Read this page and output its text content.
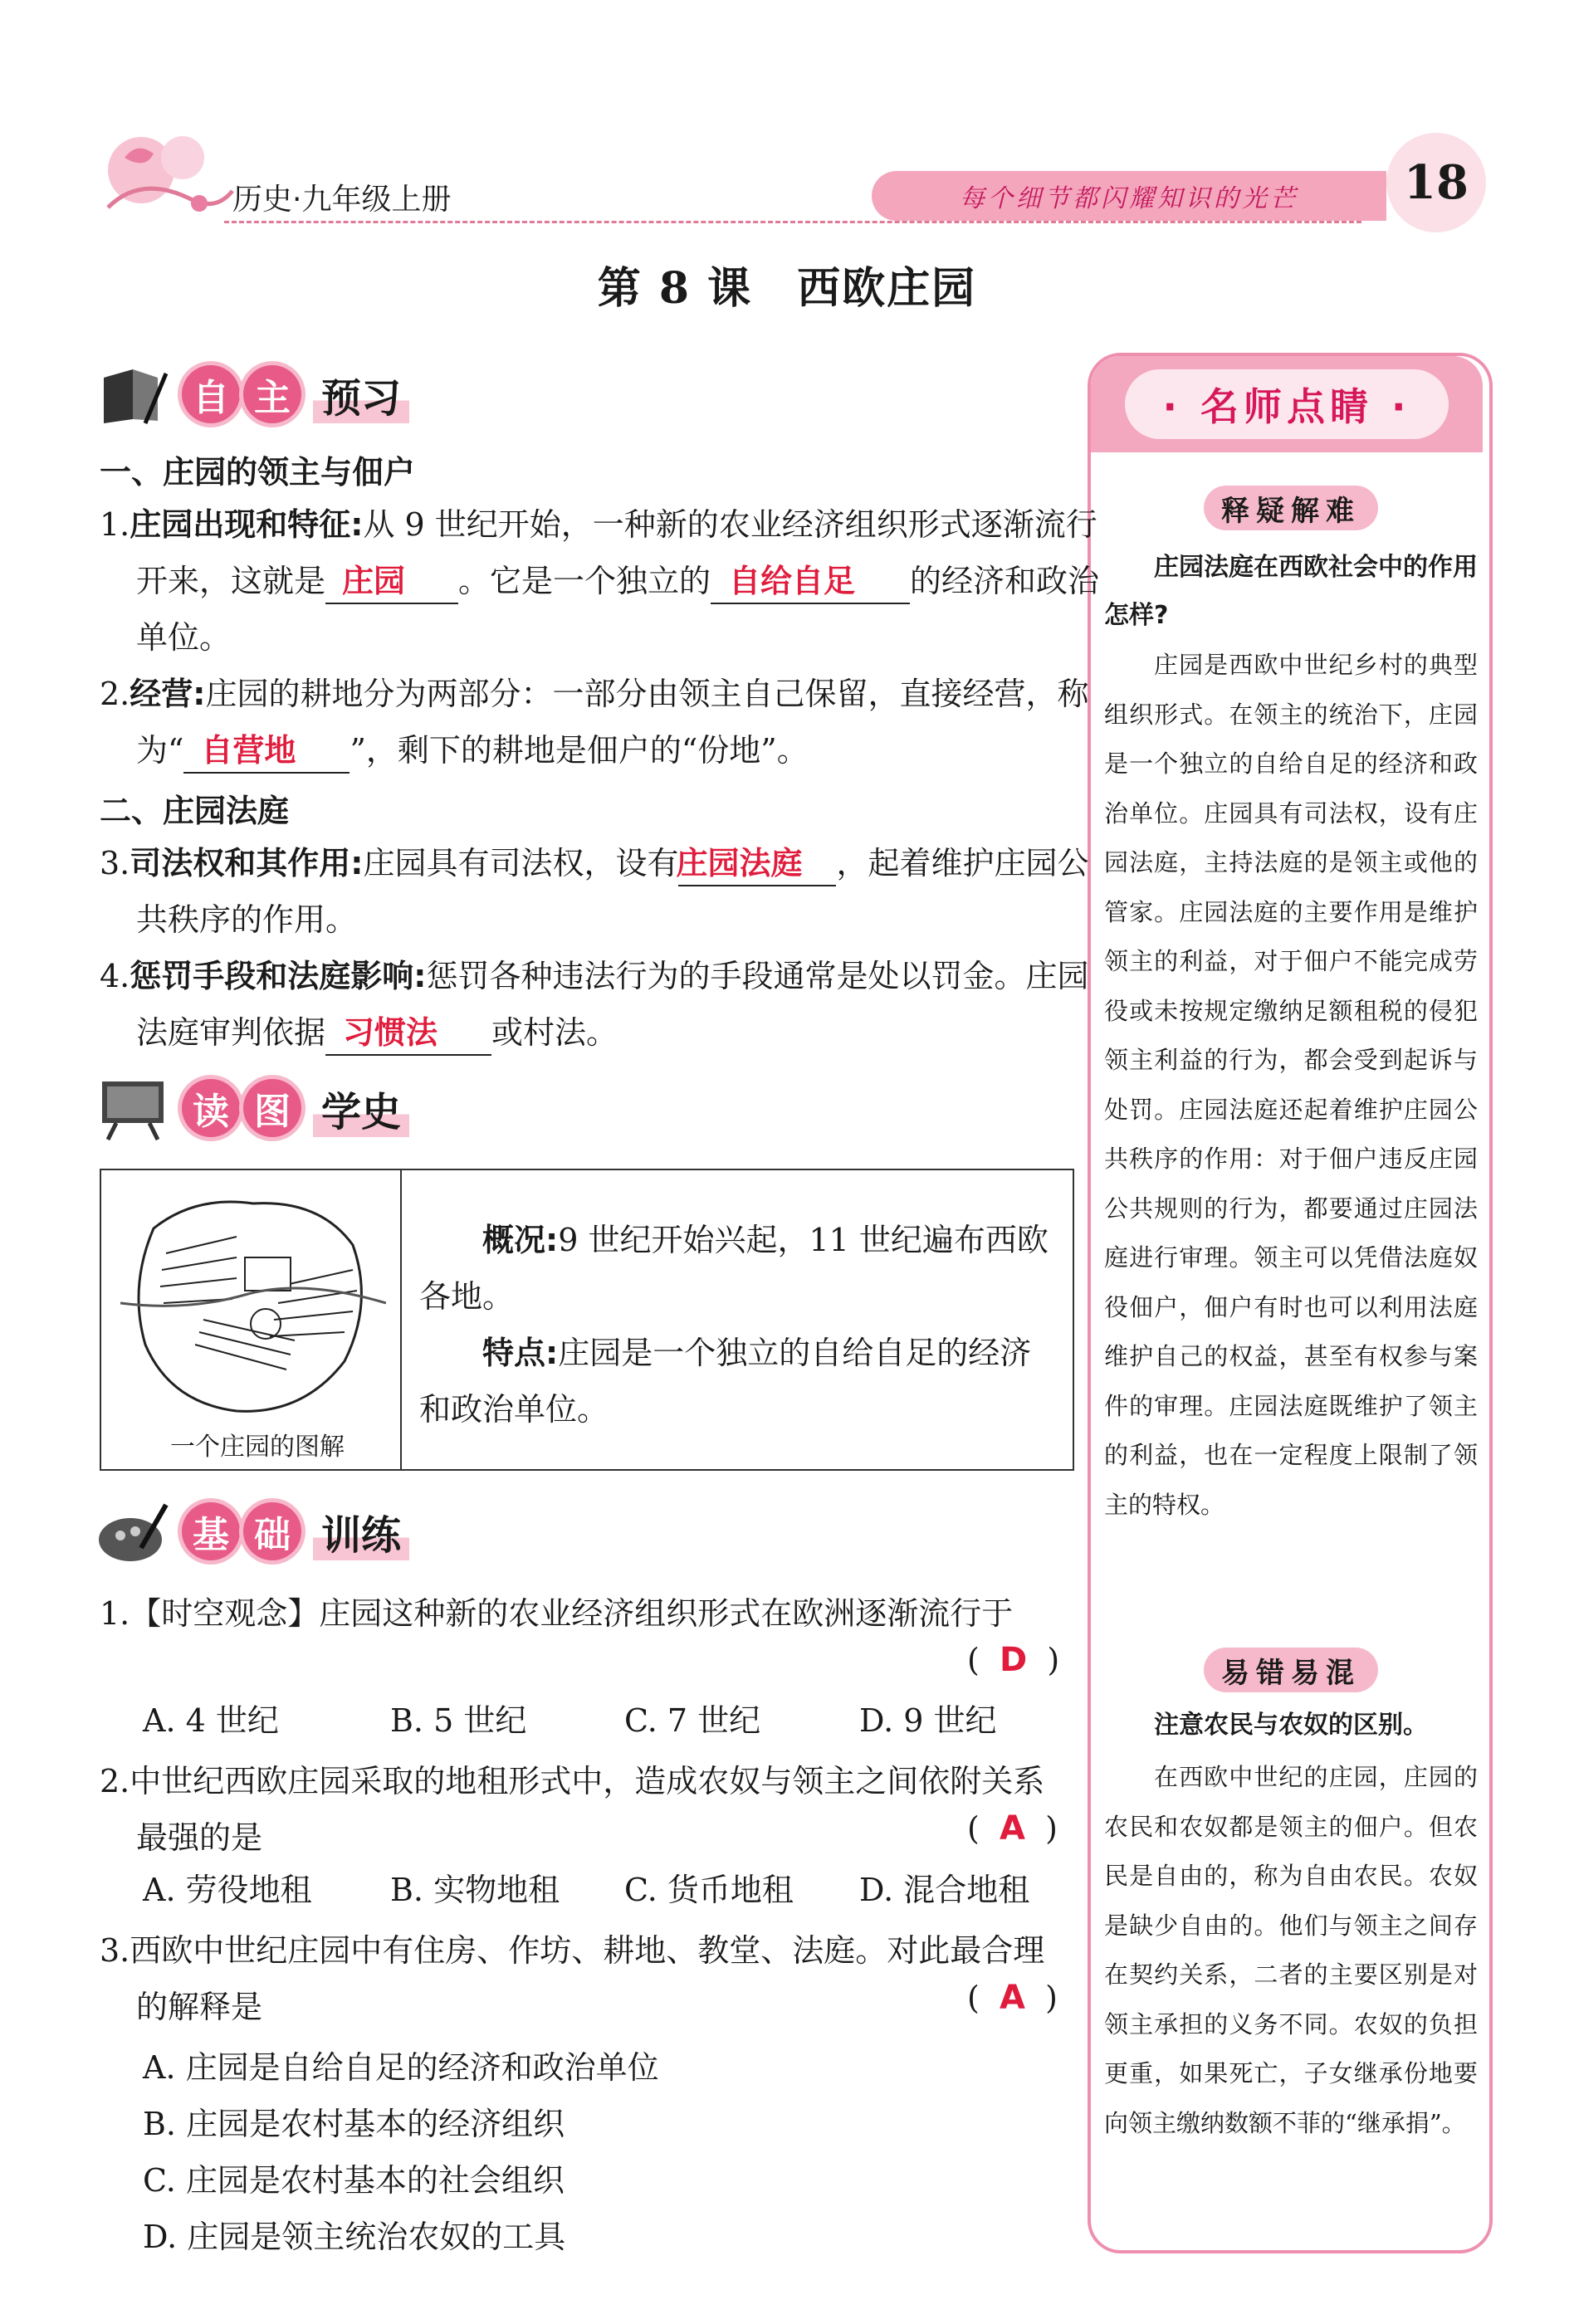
历史·九年级上册	每个细节都闪耀知识的光芒	18
第 8 课　西欧庄园
· 名师点睛 ·
释疑解难
庄园法庭在西欧社会中的作用怎样?
庄园是西欧中世纪乡村的典型组织形式。在领主的统治下，庄园是一个独立的自给自足的经济和政治单位。庄园具有司法权，设有庄园法庭，主持法庭的是领主或他的管家。庄园法庭的主要作用是维护领主的利益，对于佃户不能完成劳役或未按规定缴纳足额租税的侵犯领主利益的行为，都会受到起诉与处罚。庄园法庭还起着维护庄园公共秩序的作用：对于佃户违反庄园公共规则的行为，都要通过庄园法庭进行审理。领主可以凭借法庭奴役佃户，佃户有时也可以利用法庭维护自己的权益，甚至有权参与案件的审理。庄园法庭既维护了领主的利益，也在一定程度上限制了领主的特权。
易错易混
注意农民与农奴的区别。
在西欧中世纪的庄园，庄园的农民和农奴都是领主的佃户。但农民是自由的，称为自由农民。农奴是缺少自由的。他们与领主之间存在契约关系，二者的主要区别是对领主承担的义务不同。农奴的负担更重，如果死亡，子女继承份地要向领主缴纳数额不菲的“继承捐”。
自 主 预习
一、庄园的领主与佃户
1.庄园出现和特征:从 9 世纪开始，一种新的农业经济组织形式逐渐流行开来，这就是 庄园 。它是一个独立的 自给自足 的经济和政治单位。
2.经营:庄园的耕地分为两部分：一部分由领主自己保留，直接经营，称为“ 自营地 ”，剩下的耕地是佃户的“份地”。
二、庄园法庭
3.司法权和其作用:庄园具有司法权，设有庄园法庭 ，起着维护庄园公共秩序的作用。
4.惩罚手段和法庭影响:惩罚各种违法行为的手段通常是处以罚金。庄园法庭审判依据 习惯法 或村法。
读 图 学史
一个庄园的图解
概况:9 世纪开始兴起，11 世纪遍布西欧各地。
特点:庄园是一个独立的自给自足的经济和政治单位。
基 础 训练
1.【时空观念】庄园这种新的农业经济组织形式在欧洲逐渐流行于
(  D  )
A. 4 世纪	B. 5 世纪	C. 7 世纪	D. 9 世纪
2.中世纪西欧庄园采取的地租形式中，造成农奴与领主之间依附关系最强的是	(  A  )
A. 劳役地租 B. 实物地租 C. 货币地租 D. 混合地租
3.西欧中世纪庄园中有住房、作坊、耕地、教堂、法庭。对此最合理的解释是	(  A  )
A. 庄园是自给自足的经济和政治单位
B. 庄园是农村基本的经济组织
C. 庄园是农村基本的社会组织
D. 庄园是领主统治农奴的工具
